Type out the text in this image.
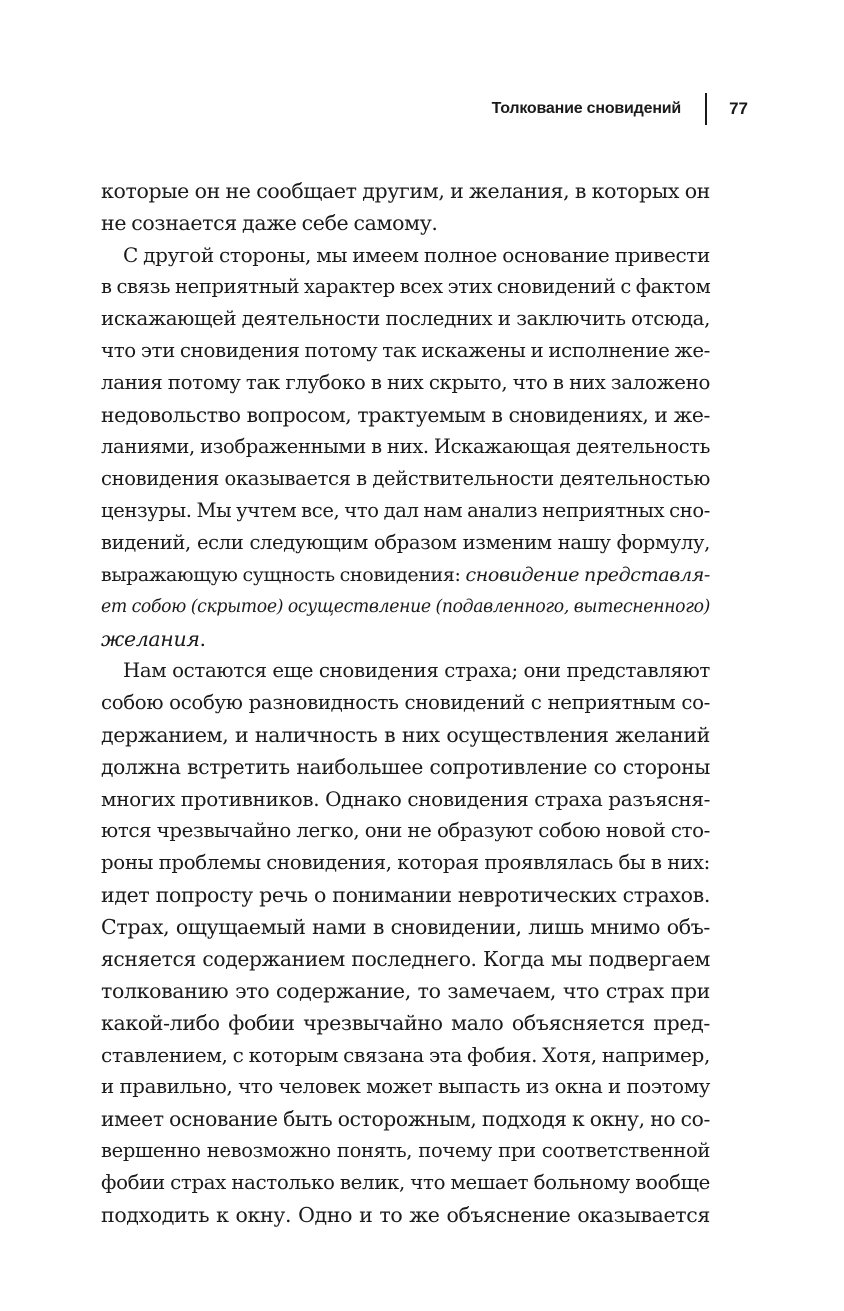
Толкование сновидений	77
которые он не сообщает другим, и желания, в которых он
не сознается даже себе самому.
С другой стороны, мы имеем полное основание привести
в связь неприятный характер всех этих сновидений с фактом
искажающей деятельности последних и заключить отсюда,
что эти сновидения потому так искажены и исполнение же-
лания потому так глубоко в них скрыто, что в них заложено
недовольство вопросом, трактуемым в сновидениях, и же-
ланиями, изображенными в них. Искажающая деятельность
сновидения оказывается в действительности деятельностью
цензуры. Мы учтем все, что дал нам анализ неприятных сно-
видений, если следующим образом изменим нашу формулу,
выражающую сущность сновидения: сновидение представля-
ет собою (скрытое) осуществление (подавленного, вытесненного)
желания.
Нам остаются еще сновидения страха; они представляют
собою особую разновидность сновидений с неприятным со-
держанием, и наличность в них осуществления желаний
должна встретить наибольшее сопротивление со стороны
многих противников. Однако сновидения страха разъясня-
ются чрезвычайно легко, они не образуют собою новой сто-
роны проблемы сновидения, которая проявлялась бы в них:
идет попросту речь о понимании невротических страхов.
Страх, ощущаемый нами в сновидении, лишь мнимо объ-
ясняется содержанием последнего. Когда мы подвергаем
толкованию это содержание, то замечаем, что страх при
какой-либо фобии чрезвычайно мало объясняется пред-
ставлением, с которым связана эта фобия. Хотя, например,
и правильно, что человек может выпасть из окна и поэтому
имеет основание быть осторожным, подходя к окну, но со-
вершенно невозможно понять, почему при соответственной
фобии страх настолько велик, что мешает больному вообще
подходить к окну. Одно и то же объяснение оказывается
